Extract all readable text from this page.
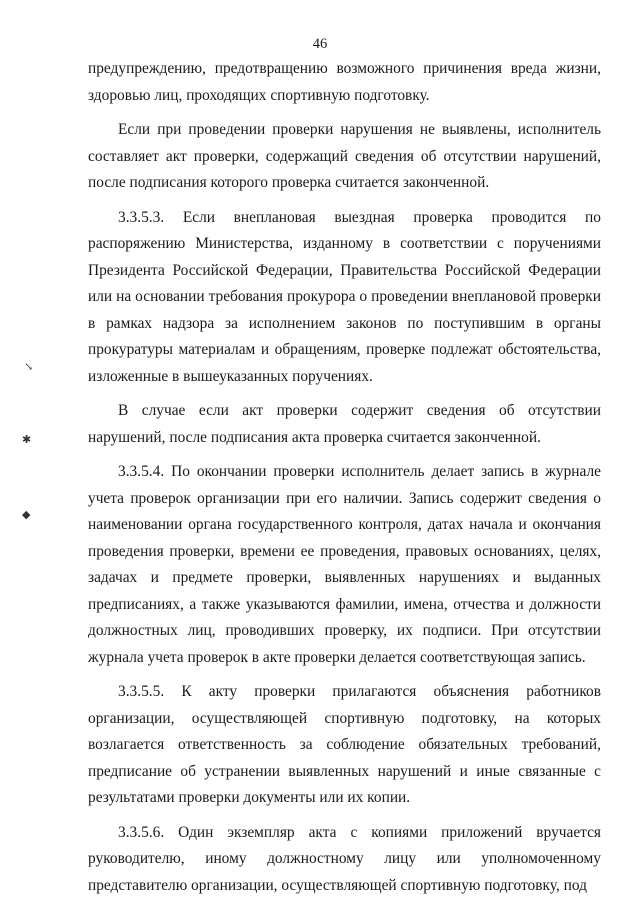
46
↘
✱
◆

предупреждению, предотвращению возможного причинения вреда жизни, здоровью лиц, проходящих спортивную подготовку.

Если при проведении проверки нарушения не выявлены, исполнитель составляет акт проверки, содержащий сведения об отсутствии нарушений, после подписания которого проверка считается законченной.

3.3.5.3. Если внеплановая выездная проверка проводится по распоряжению Министерства, изданному в соответствии с поручениями Президента Российской Федерации, Правительства Российской Федерации или на основании требования прокурора о проведении внеплановой проверки в рамках надзора за исполнением законов по поступившим в органы прокуратуры материалам и обращениям, проверке подлежат обстоятельства, изложенные в вышеуказанных поручениях.

В случае если акт проверки содержит сведения об отсутствии нарушений, после подписания акта проверка считается законченной.

3.3.5.4. По окончании проверки исполнитель делает запись в журнале учета проверок организации при его наличии. Запись содержит сведения о наименовании органа государственного контроля, датах начала и окончания проведения проверки, времени ее проведения, правовых основаниях, целях, задачах и предмете проверки, выявленных нарушениях и выданных предписаниях, а также указываются фамилии, имена, отчества и должности должностных лиц, проводивших проверку, их подписи. При отсутствии журнала учета проверок в акте проверки делается соответствующая запись.

3.3.5.5. К акту проверки прилагаются объяснения работников организации, осуществляющей спортивную подготовку, на которых возлагается ответственность за соблюдение обязательных требований, предписание об устранении выявленных нарушений и иные связанные с результатами проверки документы или их копии.

3.3.5.6. Один экземпляр акта с копиями приложений вручается руководителю, иному должностному лицу или уполномоченному представителю организации, осуществляющей спортивную подготовку, под
